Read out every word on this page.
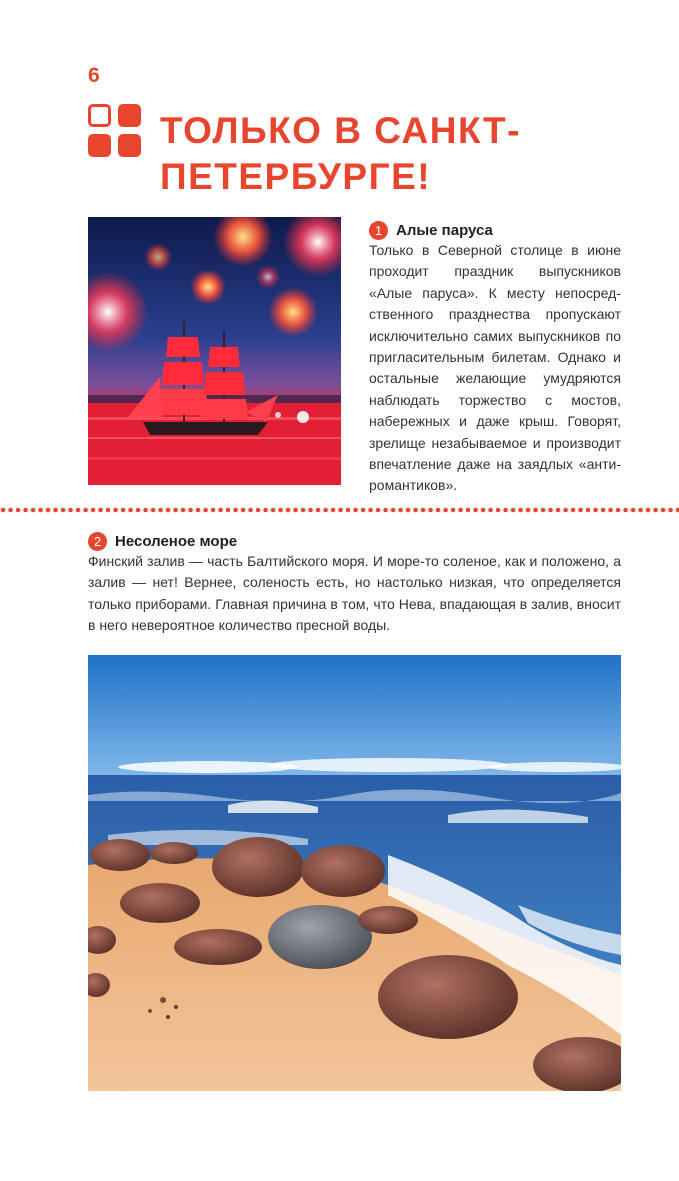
6
ТОЛЬКО В САНКТ-ПЕТЕРБУРГЕ!
1 Алые паруса
Только в Северной столице в июне проходит праздник выпускников «Алые паруса». К месту непосредственного празднества пропускают исключительно самих выпускников по пригласительным билетам. Однако и остальные желающие умудряются наблюдать торжество с мостов, набережных и даже крыш. Говорят, зрелище незабываемое и производит впечатление даже на заядлых «антиромантиков».
2 Несоленое море
Финский залив — часть Балтийского моря. И море-то соленое, как и положено, а залив — нет! Вернее, соленость есть, но настолько низкая, что определяется только приборами. Главная причина в том, что Нева, впадающая в залив, вносит в него невероятное количество пресной воды.
